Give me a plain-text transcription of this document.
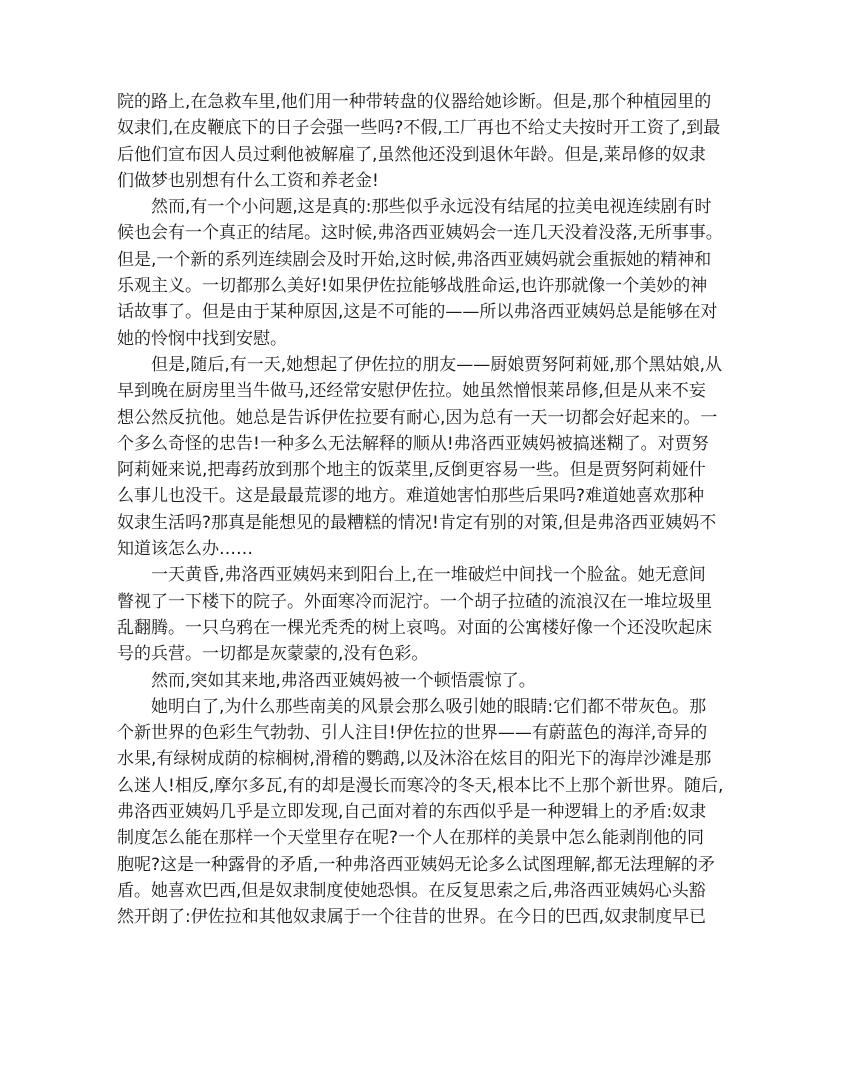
院的路上,在急救车里,他们用一种带转盘的仪器给她诊断。但是,那个种植园里的
奴隶们,在皮鞭底下的日子会强一些吗?不假,工厂再也不给丈夫按时开工资了,到最
后他们宣布因人员过剩他被解雇了,虽然他还没到退休年龄。但是,莱昂修的奴隶
们做梦也别想有什么工资和养老金!
然而,有一个小问题,这是真的:那些似乎永远没有结尾的拉美电视连续剧有时
候也会有一个真正的结尾。这时候,弗洛西亚姨妈会一连几天没着没落,无所事事。
但是,一个新的系列连续剧会及时开始,这时候,弗洛西亚姨妈就会重振她的精神和
乐观主义。一切都那么美好!如果伊佐拉能够战胜命运,也许那就像一个美妙的神
话故事了。但是由于某种原因,这是不可能的——所以弗洛西亚姨妈总是能够在对
她的怜悯中找到安慰。
但是,随后,有一天,她想起了伊佐拉的朋友——厨娘贾努阿莉娅,那个黑姑娘,从
早到晚在厨房里当牛做马,还经常安慰伊佐拉。她虽然憎恨莱昂修,但是从来不妄
想公然反抗他。她总是告诉伊佐拉要有耐心,因为总有一天一切都会好起来的。一
个多么奇怪的忠告!一种多么无法解释的顺从!弗洛西亚姨妈被搞迷糊了。对贾努
阿莉娅来说,把毒药放到那个地主的饭菜里,反倒更容易一些。但是贾努阿莉娅什
么事儿也没干。这是最最荒谬的地方。难道她害怕那些后果吗?难道她喜欢那种
奴隶生活吗?那真是能想见的最糟糕的情况!肯定有别的对策,但是弗洛西亚姨妈不
知道该怎么办……
一天黄昏,弗洛西亚姨妈来到阳台上,在一堆破烂中间找一个脸盆。她无意间
瞥视了一下楼下的院子。外面寒冷而泥泞。一个胡子拉碴的流浪汉在一堆垃圾里
乱翻腾。一只乌鸦在一棵光秃秃的树上哀鸣。对面的公寓楼好像一个还没吹起床
号的兵营。一切都是灰蒙蒙的,没有色彩。
然而,突如其来地,弗洛西亚姨妈被一个顿悟震惊了。
她明白了,为什么那些南美的风景会那么吸引她的眼睛:它们都不带灰色。那
个新世界的色彩生气勃勃、引人注目!伊佐拉的世界——有蔚蓝色的海洋,奇异的
水果,有绿树成荫的棕榈树,滑稽的鹦鹉,以及沐浴在炫目的阳光下的海岸沙滩是那
么迷人!相反,摩尔多瓦,有的却是漫长而寒冷的冬天,根本比不上那个新世界。随后,
弗洛西亚姨妈几乎是立即发现,自己面对着的东西似乎是一种逻辑上的矛盾:奴隶
制度怎么能在那样一个天堂里存在呢?一个人在那样的美景中怎么能剥削他的同
胞呢?这是一种露骨的矛盾,一种弗洛西亚姨妈无论多么试图理解,都无法理解的矛
盾。她喜欢巴西,但是奴隶制度使她恐惧。在反复思索之后,弗洛西亚姨妈心头豁
然开朗了:伊佐拉和其他奴隶属于一个往昔的世界。在今日的巴西,奴隶制度早已
